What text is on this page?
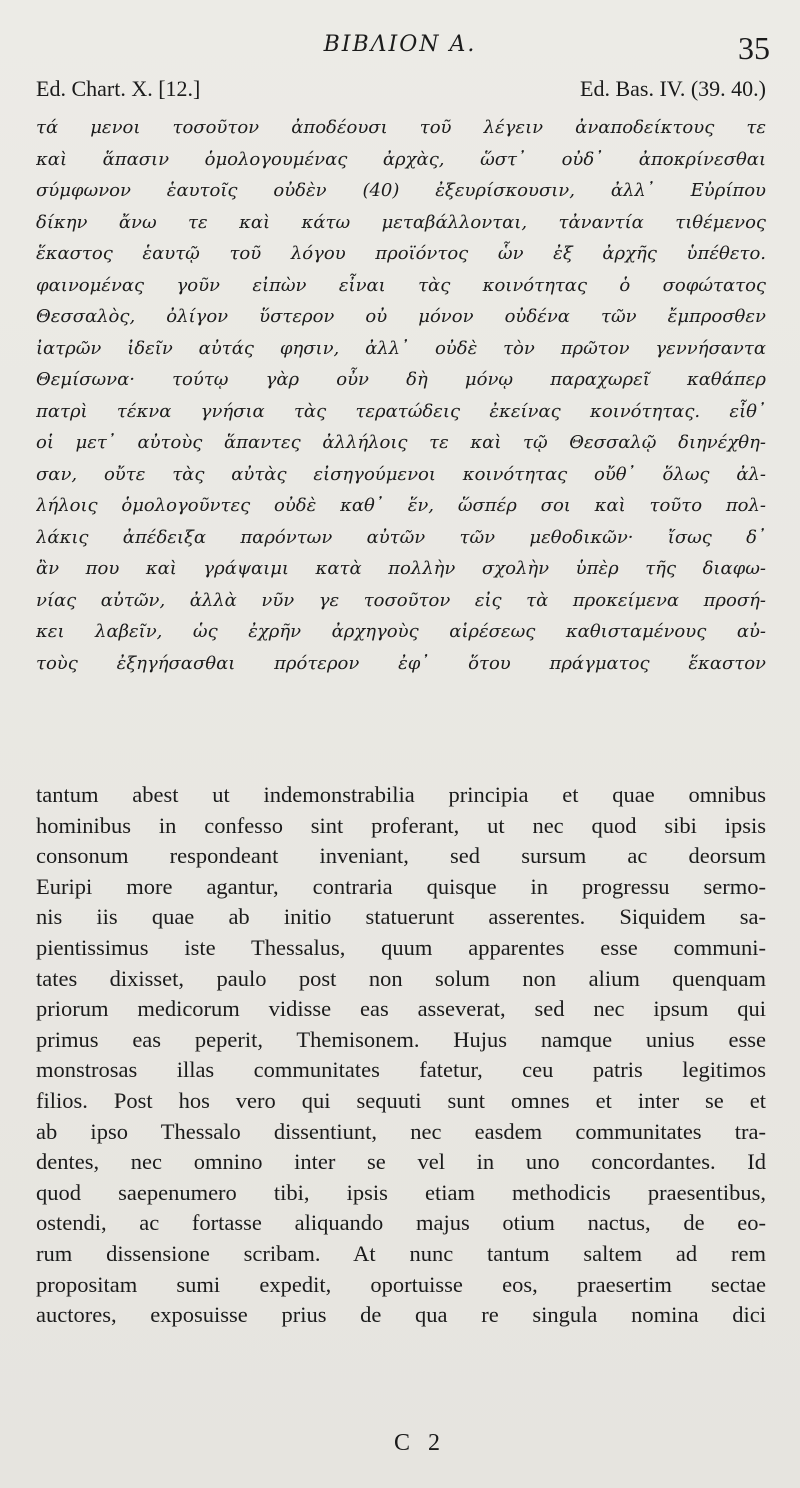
BIBΛION A.	35
Ed. Chart. X. [12.]	Ed. Bas. IV. (39. 40.)
τά μενοι τοσοῦτον ἀποδέουσι τοῦ λέγειν ἀναποδείκτους τε
καὶ ἅπασιν ὁμολογουμένας ἀρχὰς, ὥστ᾽ οὐδ᾽ ἀποκρίνεσθαι
σύμφωνον ἑαυτοῖς οὐδὲν (40) ἐξευρίσκουσιν, ἀλλ᾽ Εὐρίπου
δίκην ἄνω τε καὶ κάτω μεταβάλλονται, τἀναντία τιθέμενος
ἕκαστος ἑαυτῷ τοῦ λόγου προϊόντος ὧν ἐξ ἀρχῆς ὑπέθετο.
φαινομένας γοῦν εἰπὼν εἶναι τὰς κοινότητας ὁ σοφώτατος
Θεσσαλὸς, ὀλίγον ὕστερον οὐ μόνον οὐδένα τῶν ἔμπροσθεν
ἰατρῶν ἰδεῖν αὐτάς φησιν, ἀλλ᾽ οὐδὲ τὸν πρῶτον γεννήσαντα
Θεμίσωνα· τούτῳ γὰρ οὖν δὴ μόνῳ παραχωρεῖ καθάπερ
πατρὶ τέκνα γνήσια τὰς τερατώδεις ἐκείνας κοινότητας. εἶθ᾽
οἱ μετ᾽ αὐτοὺς ἅπαντες ἀλλήλοις τε καὶ τῷ Θεσσαλῷ διηνέχθη-
σαν, οὔτε τὰς αὐτὰς εἰσηγούμενοι κοινότητας οὔθ᾽ ὅλως ἀλ-
λήλοις ὁμολογοῦντες οὐδὲ καθ᾽ ἕν, ὥσπέρ σοι καὶ τοῦτο πολ-
λάκις ἀπέδειξα παρόντων αὐτῶν τῶν μεθοδικῶν· ἴσως δ᾽
ἂν που καὶ γράψαιμι κατὰ πολλὴν σχολὴν ὑπὲρ τῆς διαφω-
νίας αὐτῶν, ἀλλὰ νῦν γε τοσοῦτον εἰς τὰ προκείμενα προσή-
κει λαβεῖν, ὡς ἐχρῆν ἀρχηγοὺς αἱρέσεως καθισταμένους αὐ-
τοὺς ἐξηγήσασθαι πρότερον ἐφ᾽ ὅτου πράγματος ἕκαστον
tantum abest ut indemonstrabilia principia et quae omnibus
hominibus in confesso sint proferant, ut nec quod sibi ipsis
consonum respondeant inveniant, sed sursum ac deorsum
Euripi more agantur, contraria quisque in progressu sermo-
nis iis quae ab initio statuerunt asserentes. Siquidem sa-
pientissimus iste Thessalus, quum apparentes esse communi-
tates dixisset, paulo post non solum non alium quenquam
priorum medicorum vidisse eas asseverat, sed nec ipsum qui
primus eas peperit, Themisonem. Hujus namque unius esse
monstrosas illas communitates fatetur, ceu patris legitimos
filios. Post hos vero qui sequuti sunt omnes et inter se et
ab ipso Thessalo dissentiunt, nec easdem communitates tra-
dentes, nec omnino inter se vel in uno concordantes. Id
quod saepenumero tibi, ipsis etiam methodicis praesentibus,
ostendi, ac fortasse aliquando majus otium nactus, de eo-
rum dissensione scribam. At nunc tantum saltem ad rem
propositam sumi expedit, oportuisse eos, praesertim sectae
auctores, exposuisse prius de qua re singula nomina dici
C 2
